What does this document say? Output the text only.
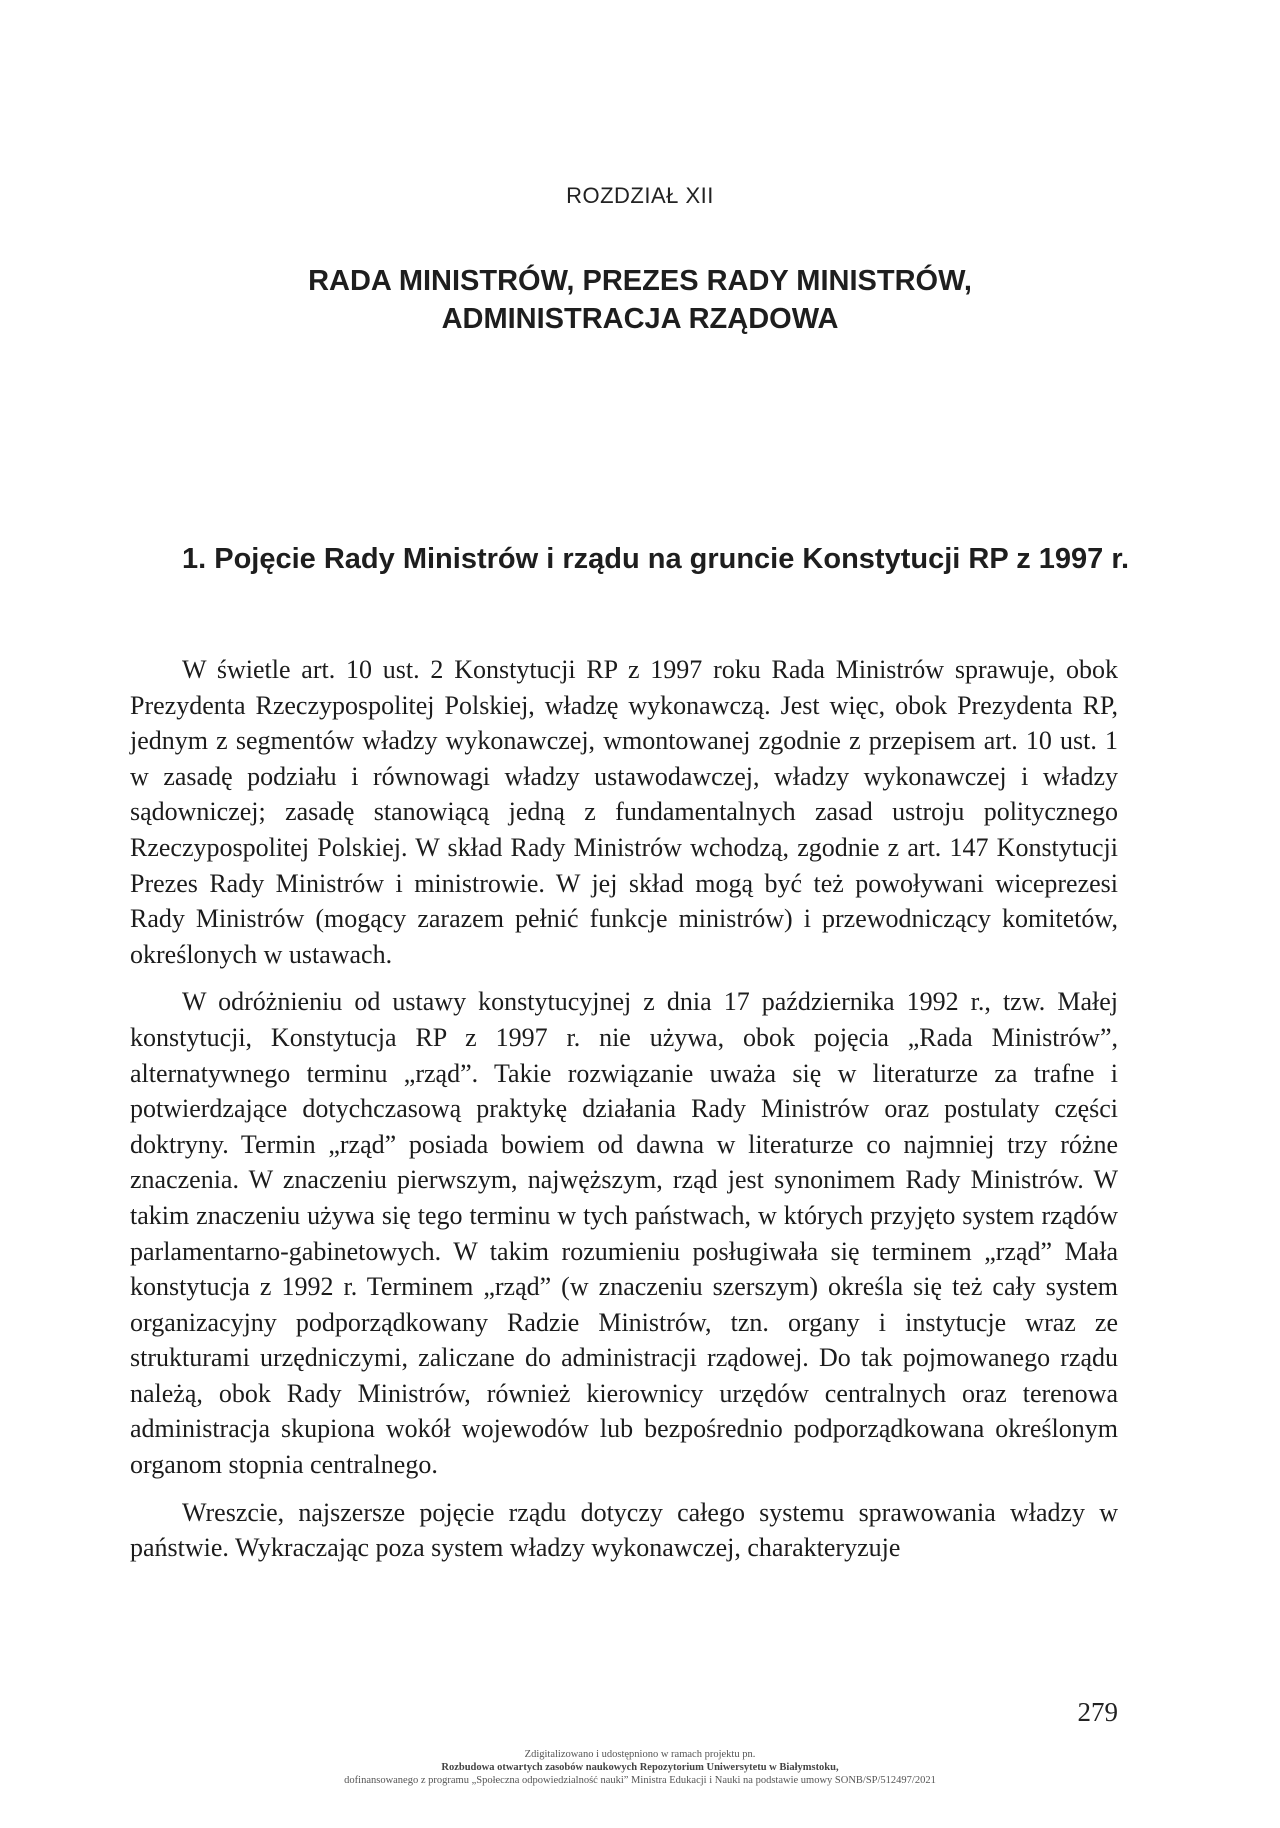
ROZDZIAŁ XII
RADA MINISTRÓW, PREZES RADY MINISTRÓW,
ADMINISTRACJA RZĄDOWA
1. Pojęcie Rady Ministrów i rządu na gruncie Konstytucji RP z 1997 r.

W świetle art. 10 ust. 2 Konstytucji RP z 1997 roku Rada Ministrów sprawuje, obok Prezydenta Rzeczypospolitej Polskiej, władzę wykonawczą. Jest więc, obok Prezydenta RP, jednym z segmentów władzy wykonawczej, wmontowanej zgodnie z przepisem art. 10 ust. 1 w zasadę podziału i równowagi władzy ustawodawczej, władzy wykonawczej i władzy sądowniczej; zasadę stanowiącą jedną z fundamentalnych zasad ustroju politycznego Rzeczypospolitej Polskiej. W skład Rady Ministrów wchodzą, zgodnie z art. 147 Konstytucji Prezes Rady Ministrów i ministrowie. W jej skład mogą być też powoływani wiceprezesi Rady Ministrów (mogący zarazem pełnić funkcje ministrów) i przewodniczący komitetów, określonych w ustawach.

W odróżnieniu od ustawy konstytucyjnej z dnia 17 października 1992 r., tzw. Małej konstytucji, Konstytucja RP z 1997 r. nie używa, obok pojęcia „Rada Ministrów”, alternatywnego terminu „rząd”. Takie rozwiązanie uważa się w literaturze za trafne i potwierdzające dotychczasową praktykę działania Rady Ministrów oraz postulaty części doktryny. Termin „rząd” posiada bowiem od dawna w literaturze co najmniej trzy różne znaczenia. W znaczeniu pierwszym, najwęższym, rząd jest synonimem Rady Ministrów. W takim znaczeniu używa się tego terminu w tych państwach, w których przyjęto system rządów parlamentarno-gabinetowych. W takim rozumieniu posługiwała się terminem „rząd” Mała konstytucja z 1992 r. Terminem „rząd” (w znaczeniu szerszym) określa się też cały system organizacyjny podporządkowany Radzie Ministrów, tzn. organy i instytucje wraz ze strukturami urzędniczymi, zaliczane do administracji rządowej. Do tak pojmowanego rządu należą, obok Rady Ministrów, również kierownicy urzędów centralnych oraz terenowa administracja skupiona wokół wojewodów lub bezpośrednio podporządkowana określonym organom stopnia centralnego.

Wreszcie, najszersze pojęcie rządu dotyczy całego systemu sprawowania władzy w państwie. Wykraczając poza system władzy wykonawczej, charakteryzuje

279
Zdigitalizowano i udostępniono w ramach projektu pn.
Rozbudowa otwartych zasobów naukowych Repozytorium Uniwersytetu w Białymstoku,
dofinansowanego z programu „Społeczna odpowiedzialność nauki” Ministra Edukacji i Nauki na podstawie umowy SONB/SP/512497/2021
